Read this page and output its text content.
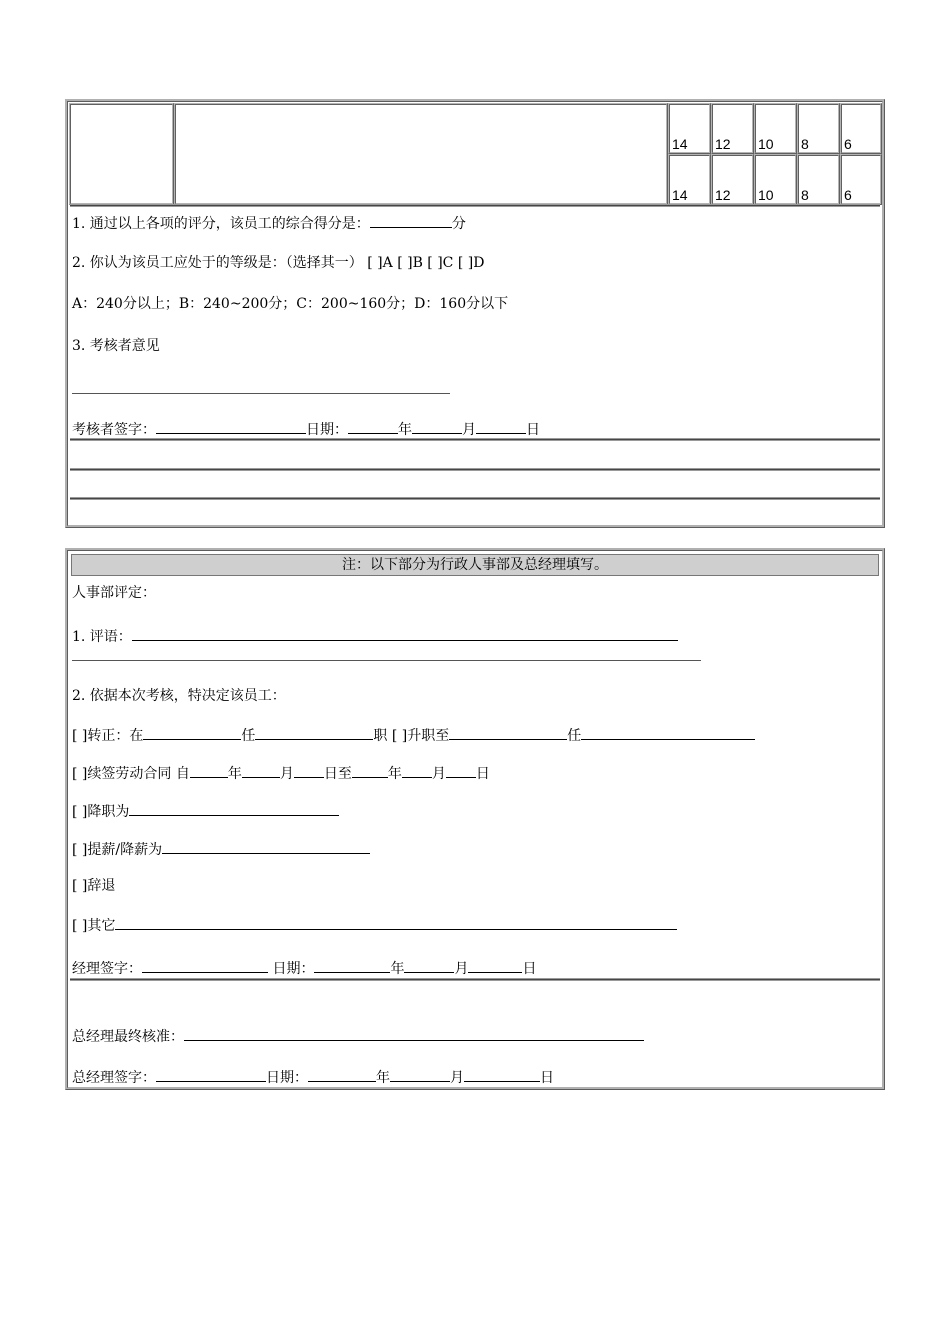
14 12 10 8	6
14 12 10 8	6
1. 通过以上各项的评分，该员工的综合得分是：	分
2. 你认为该员工应处于的等级是：（选择其一） [ ]A [ ]B [ ]C [ ]D
A：240分以上；B：240~200分；C：200~160分；D：160分以下
3. 考核者意见
考核者签字：	日期：	年	月	日
注：以下部分为行政人事部及总经理填写。
人事部评定：
1. 评语：
2. 依据本次考核，特决定该员工：
[ ]转正：在	任	职 [ ]升职至	任
[ ]续签劳动合同 自	年	月 日至	年 月 日
[ ]降职为
[ ]提薪/降薪为
[ ]辞退
[ ]其它
经理签字：	日期：	年	月	日
总经理最终核准：
总经理签字：	日期：	年	月	日
